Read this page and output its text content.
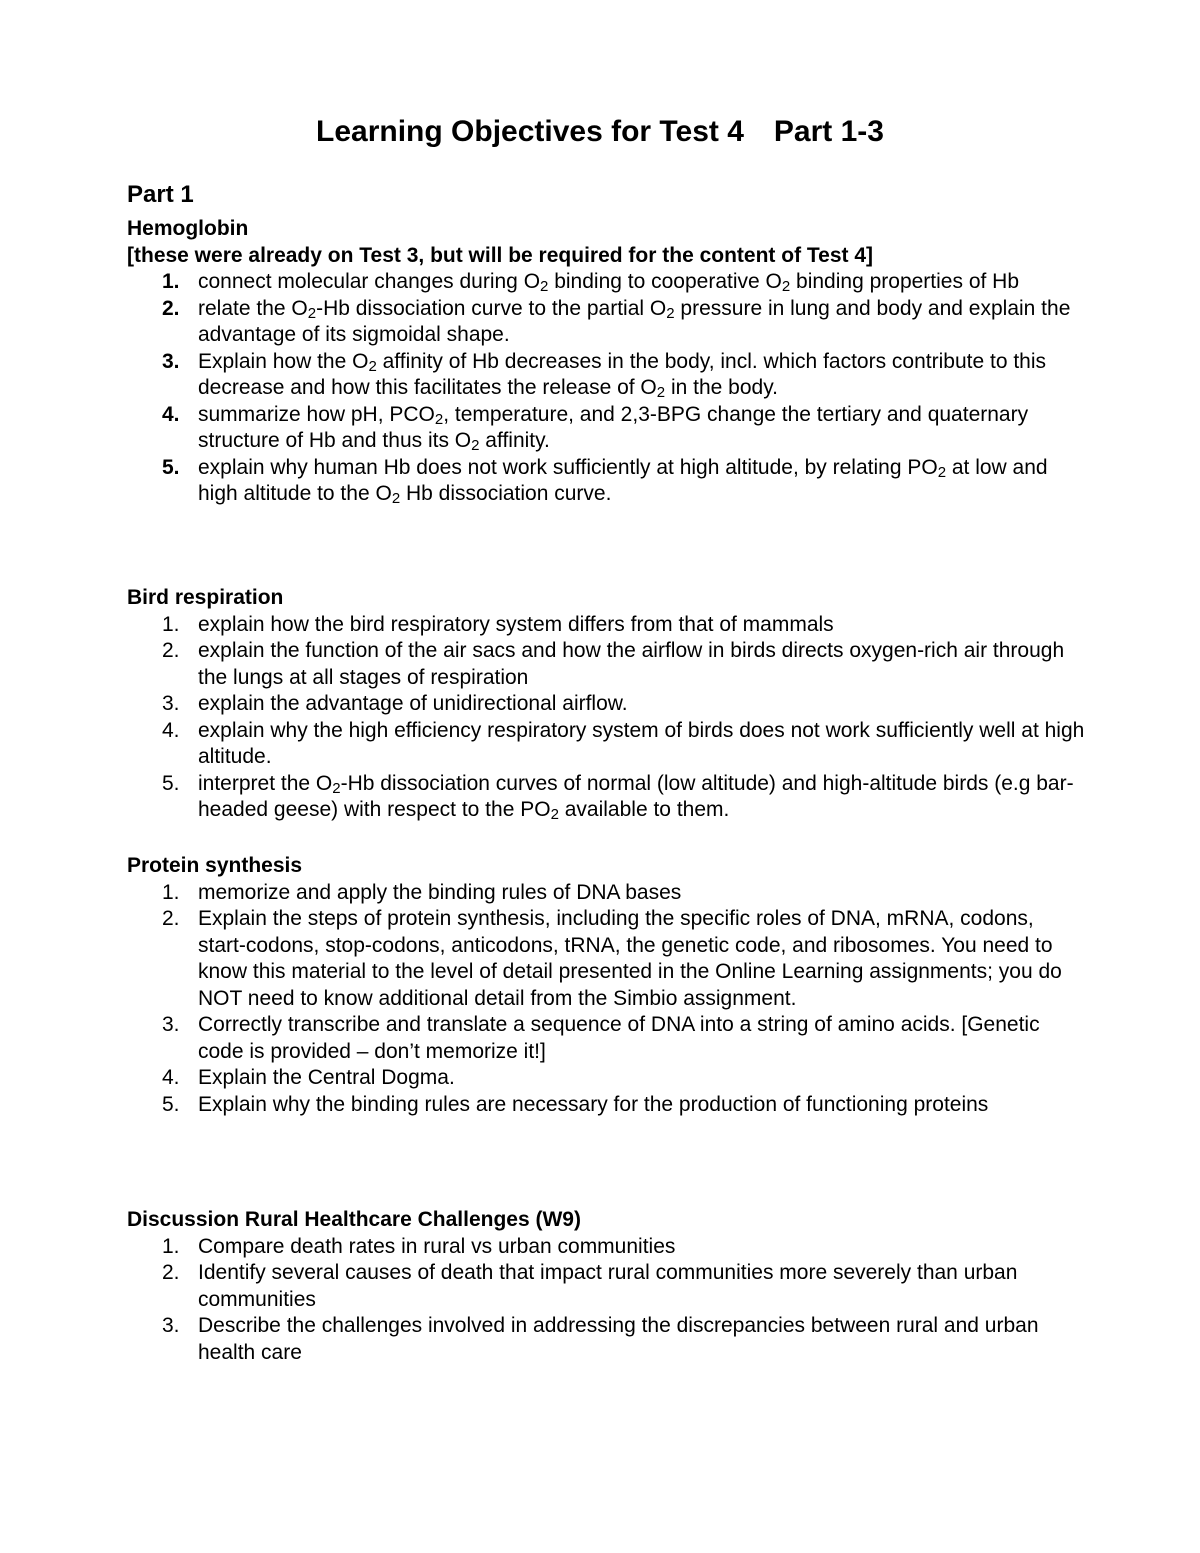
Learning Objectives for Test 4 Part 1-3
Part 1
Hemoglobin

[these were already on Test 3, but will be required for the content of Test 4]

1. connect molecular changes during $O_2$ binding to cooperative $O_2$ binding properties of Hb
2. relate the $O_2-Hb$ dissociation curve to the partial $O_2$ pressure in lung and body and explain the advantage of its sigmoidal shape.
3. Explain how the $O_2$ affinity of Hb decreases in the body, incl. which factors contribute to this decrease and how this facilitates the release of $O_2$ in the body.
4. summarize how pH, $PCO_2$, temperature, and 2,3-BPG change the tertiary and quaternary structure of Hb and thus its $O_2$ affinity.
5. explain why human Hb does not work sufficiently at high altitude, by relating $PO_2$ at low and high altitude to the $O_2$ Hb dissociation curve.
Bird respiration
1. explain how the bird respiratory system differs from that of mammals
2. explain the function of the air sacs and how the airflow in birds directs oxygen-rich air through the lungs at all stages of respiration
3. explain the advantage of unidirectional airflow.
4. explain why the high efficiency respiratory system of birds does not work sufficiently well at high altitude.
5. interpret the $O_2-Hb$ dissociation curves of normal (low altitude) and high-altitude birds (e.g bar-headed geese) with respect to the $PO_2$ available to them.
Protein synthesis
1. memorize and apply the binding rules of DNA bases
2. Explain the steps of protein synthesis, including the specific roles of DNA, mRNA, codons, start-codons, stop-codons, anticodons, tRNA, the genetic code, and ribosomes. You need to know this material to the level of detail presented in the Online Learning assignments; you do NOT need to know additional detail from the Simbio assignment.
3. Correctly transcribe and translate a sequence of DNA into a string of amino acids. [Genetic code is provided – don’t memorize it!]
4. Explain the Central Dogma.
5. Explain why the binding rules are necessary for the production of functioning proteins
Discussion Rural Healthcare Challenges (W9)
1. Compare death rates in rural vs urban communities
2. Identify several causes of death that impact rural communities more severely than urban communities
3. Describe the challenges involved in addressing the discrepancies between rural and urban health care
